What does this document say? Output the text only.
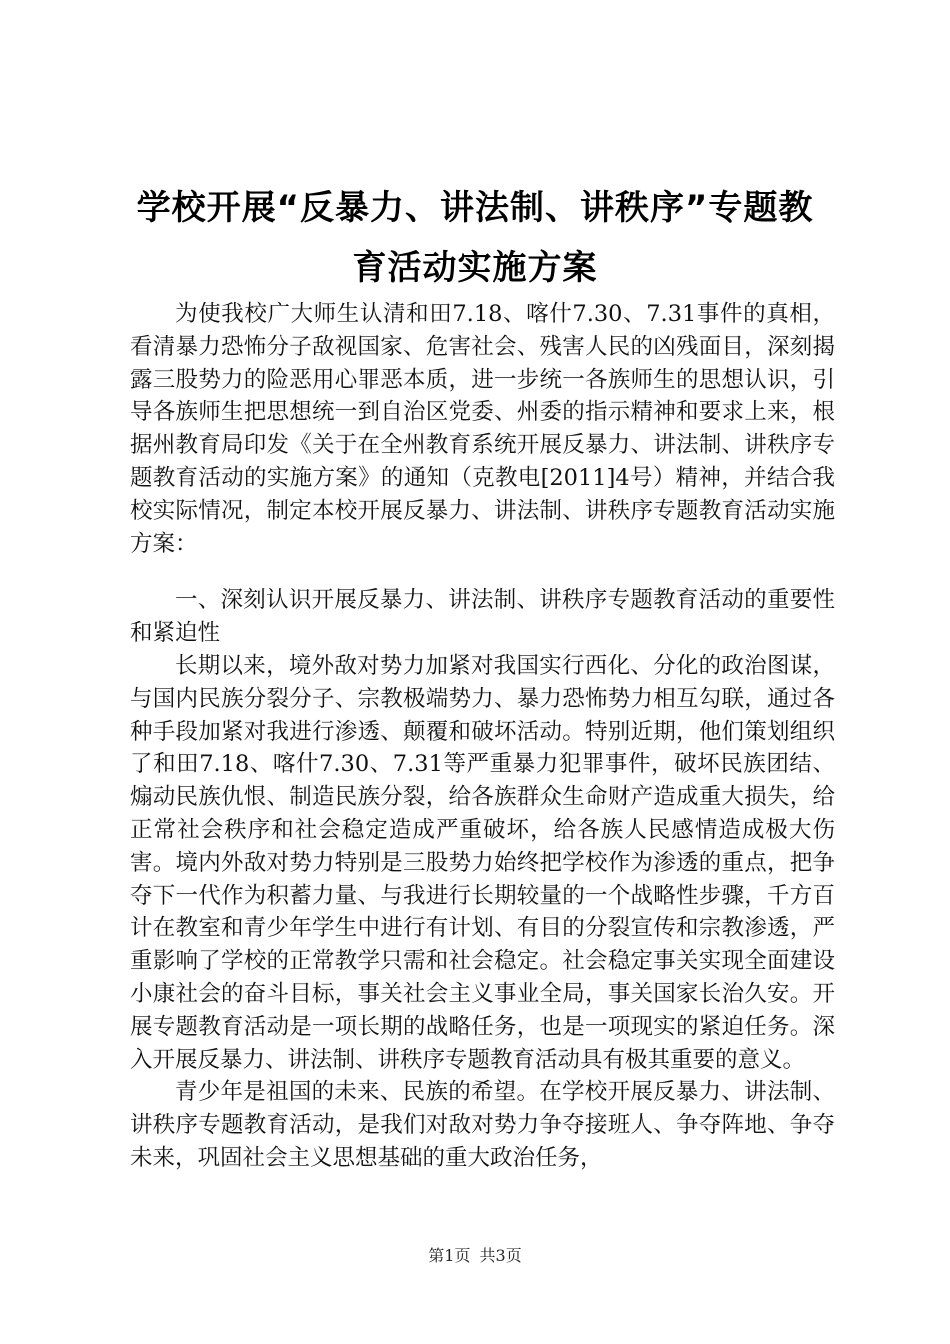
学校开展“反暴力、讲法制、讲秩序”专题教
育活动实施方案

为使我校广大师生认清和田7.18、喀什7.30、7.31事件的真相，看清暴力恐怖分子敌视国家、危害社会、残害人民的凶残面目，深刻揭露三股势力的险恶用心罪恶本质，进一步统一各族师生的思想认识，引导各族师生把思想统一到自治区党委、州委的指示精神和要求上来，根据州教育局印发《关于在全州教育系统开展反暴力、讲法制、讲秩序专题教育活动的实施方案》的通知（克教电[2011]4号）精神，并结合我校实际情况，制定本校开展反暴力、讲法制、讲秩序专题教育活动实施方案：

一、深刻认识开展反暴力、讲法制、讲秩序专题教育活动的重要性和紧迫性

长期以来，境外敌对势力加紧对我国实行西化、分化的政治图谋，与国内民族分裂分子、宗教极端势力、暴力恐怖势力相互勾联，通过各种手段加紧对我进行渗透、颠覆和破坏活动。特别近期，他们策划组织了和田7.18、喀什7.30、7.31等严重暴力犯罪事件，破坏民族团结、煽动民族仇恨、制造民族分裂，给各族群众生命财产造成重大损失，给正常社会秩序和社会稳定造成严重破坏，给各族人民感情造成极大伤害。境内外敌对势力特别是三股势力始终把学校作为渗透的重点，把争夺下一代作为积蓄力量、与我进行长期较量的一个战略性步骤，千方百计在教室和青少年学生中进行有计划、有目的分裂宣传和宗教渗透，严重影响了学校的正常教学只需和社会稳定。社会稳定事关实现全面建设小康社会的奋斗目标，事关社会主义事业全局，事关国家长治久安。开展专题教育活动是一项长期的战略任务，也是一项现实的紧迫任务。深入开展反暴力、讲法制、讲秩序专题教育活动具有极其重要的意义。

青少年是祖国的未来、民族的希望。在学校开展反暴力、讲法制、讲秩序专题教育活动，是我们对敌对势力争夺接班人、争夺阵地、争夺未来，巩固社会主义思想基础的重大政治任务，

第1页 共3页
